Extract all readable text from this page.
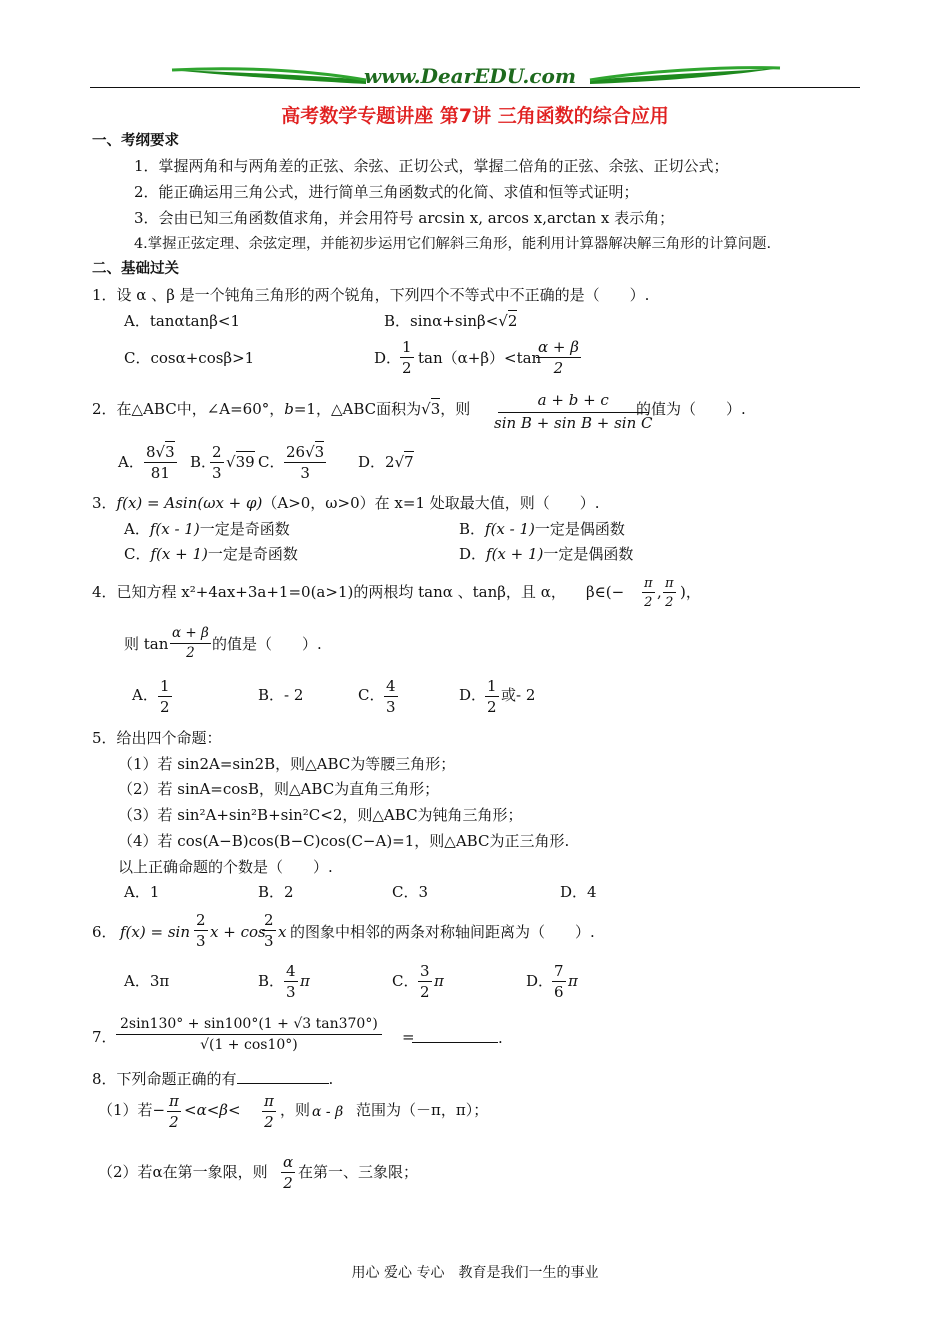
www.DearEDU.com
高考数学专题讲座 第7讲 三角函数的综合应用
一、考纲要求
1．掌握两角和与两角差的正弦、余弦、正切公式，掌握二倍角的正弦、余弦、正切公式；
2．能正确运用三角公式，进行简单三角函数式的化简、求值和恒等式证明；
3．会由已知三角函数值求角，并会用符号 arcsin x, arcos x,arctan x 表示角；
4.掌握正弦定理、余弦定理，并能初步运用它们解斜三角形，能利用计算器解决解三角形的计算问题.
二、基础过关
1．设 α 、β 是一个钝角三角形的两个锐角，下列四个不等式中不正确的是（　　）.
A．tanαtanβ<1	B．sinα+sinβ<√2
C．cosα+cosβ>1	D．
1
2
tan（α+β）<tan
α + β
2
2．在△ABC中，∠A=60°，b=1，△ABC面积为√3，则	a + b + c
sin B + sin B + sin C
的值为（　　）.
A．
8√3
81
B．
2
3
√39 C．
26√3
3
D．2√7
3．f(x) = Asin(ωx + φ)（A>0，ω>0）在 x=1 处取最大值，则（　　）.
A．f(x - 1)一定是奇函数	B．f(x - 1)一定是偶函数
C．f(x + 1)一定是奇函数	D．f(x + 1)一定是偶函数
4．已知方程 x²+4ax+3a+1=0(a>1)的两根均 tanα 、tanβ，且 α， β∈(− π
2
, π
2
)，
则 tan
α + β
2 的值是（　　）.
A． 1
2
B．- 2	C． 4
3
D． 1
2
或- 2
5．给出四个命题：
（1）若 sin2A=sin2B，则△ABC为等腰三角形；
（2）若 sinA=cosB，则△ABC为直角三角形；
（3）若 sin²A+sin²B+sin²C<2，则△ABC为钝角三角形；
（4）若 cos(A−B)cos(B−C)cos(C−A)=1，则△ABC为正三角形.
以上正确命题的个数是（　　）.
A．1	B．2	C．3	D．4
6． f(x) = sin
2
3 x + cos
2
3 x 的图象中相邻的两条对称轴间距离为（　　）.
A．3π	B．
4
3
π	C．
3
2
π	D．
7
6
π
7．
2sin130° + sin100°(1 + √3 tan370°)
√(1 + cos10°)	=	.
8．下列命题正确的有	.
（1）若− π
2
<α<β< π
2
，则 α - β 范围为（－π，π）；
（2）若α在第一象限，则
α
2
在第一、三象限；
用心 爱心 专心　教育是我们一生的事业
